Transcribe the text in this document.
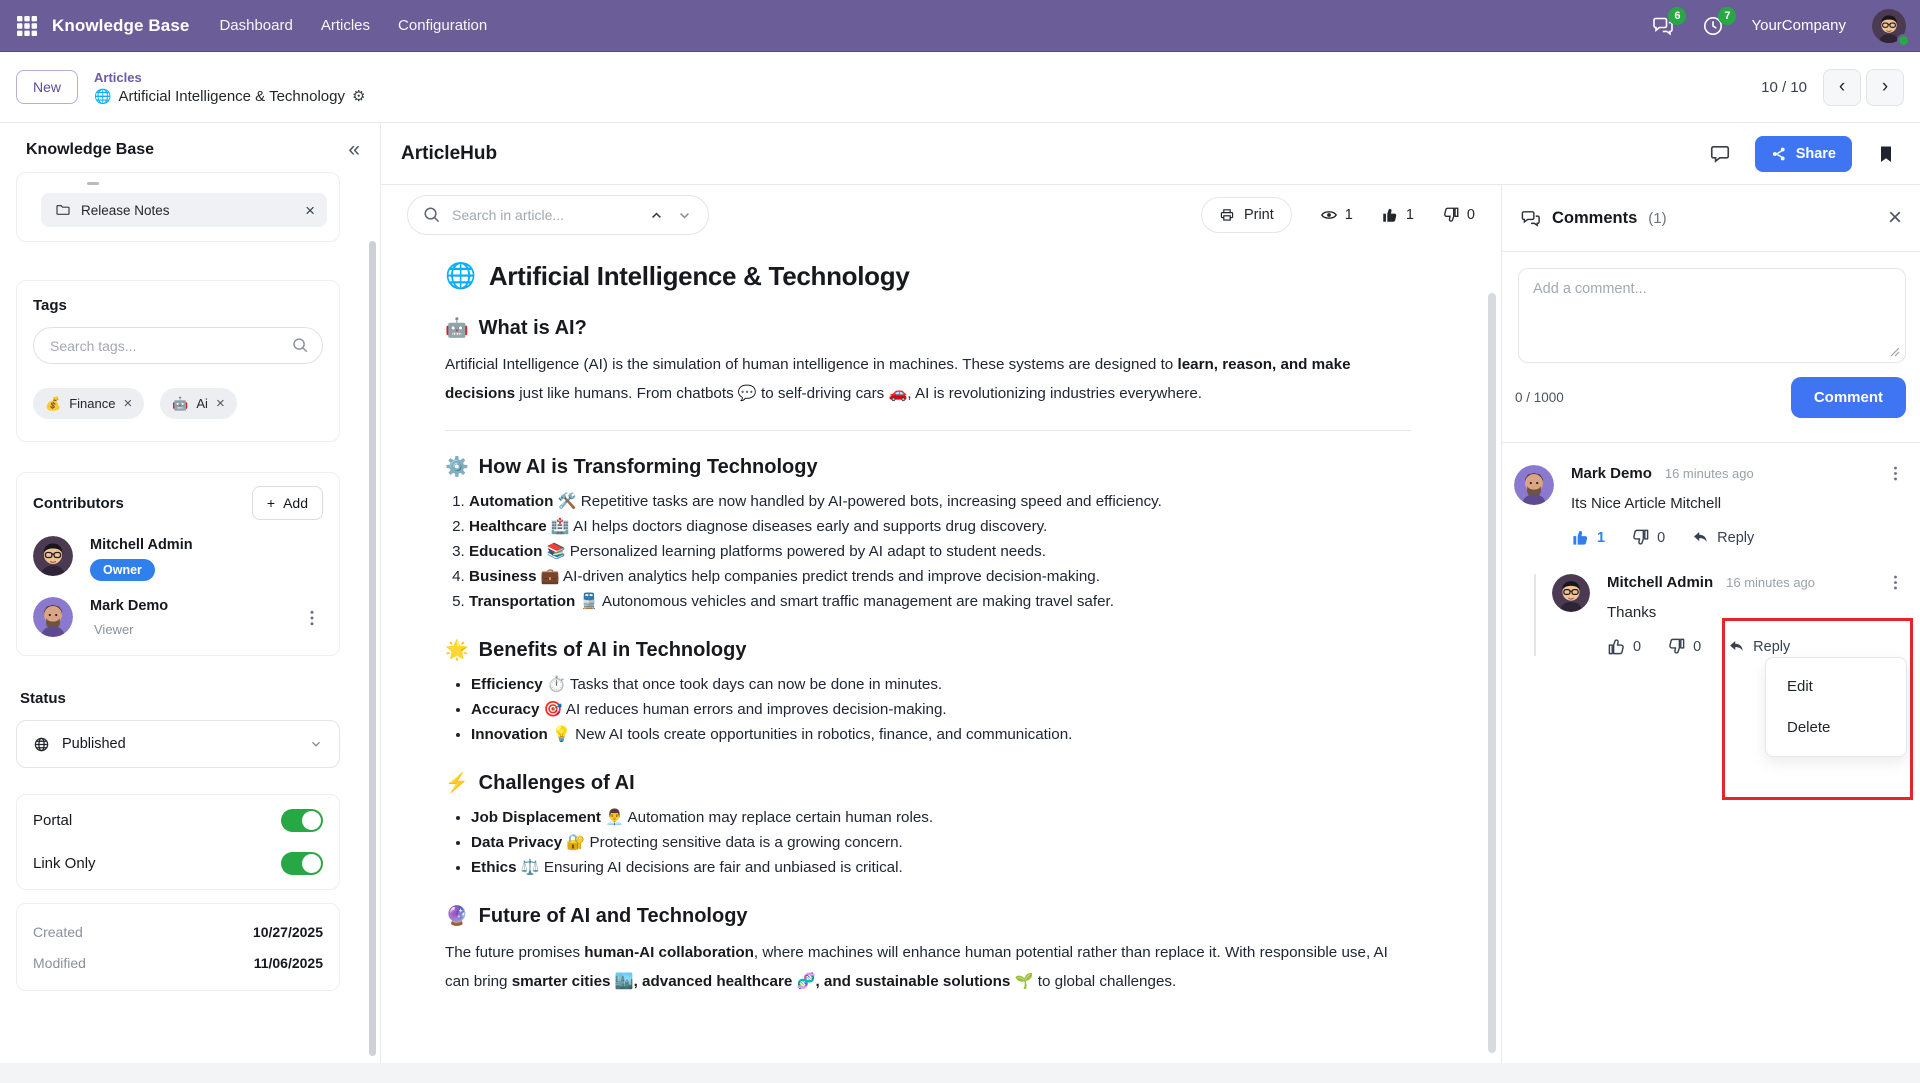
Knowledge Base Dashboard Articles Configuration
6	7
YourCompany
New
Articles
🌐 Artificial Intelligence & Technology ⚙
10 / 10	‹	›
Knowledge Base	«
Release Notes	×
Tags
Search tags...
💰 Finance ×	🤖 Ai ×
Contributors	+ Add
Mitchell Admin
Owner
Mark Demo
Viewer
Status
Published
Portal
Link Only
Created	10/27/2025
Modified	11/06/2025
ArticleHub	Share
Search in article...
Print	1	1	0
🌐 Artificial Intelligence & Technology
🤖 What is AI?

Artificial Intelligence (AI) is the simulation of human intelligence in machines. These systems are designed to learn, reason, and make decisions just like humans. From chatbots 💬 to self-driving cars 🚗, AI is revolutionizing industries everywhere.

⚙️ How AI is Transforming Technology
1. Automation 🛠️ Repetitive tasks are now handled by AI-powered bots, increasing speed and efficiency.
2. Healthcare 🏥 AI helps doctors diagnose diseases early and supports drug discovery.
3. Education 📚 Personalized learning platforms powered by AI adapt to student needs.
4. Business 💼 AI-driven analytics help companies predict trends and improve decision-making.
5. Transportation 🚆 Autonomous vehicles and smart traffic management are making travel safer.
🌟 Benefits of AI in Technology
• Efficiency ⏱️ Tasks that once took days can now be done in minutes.
• Accuracy 🎯 AI reduces human errors and improves decision-making.
• Innovation 💡 New AI tools create opportunities in robotics, finance, and communication.
⚡ Challenges of AI
• Job Displacement 👨‍💼 Automation may replace certain human roles.
• Data Privacy 🔐 Protecting sensitive data is a growing concern.
• Ethics ⚖️ Ensuring AI decisions are fair and unbiased is critical.
🔮 Future of AI and Technology

The future promises human-AI collaboration, where machines will enhance human potential rather than replace it. With responsible use, AI can bring smarter cities 🏙️, advanced healthcare 🧬, and sustainable solutions 🌱 to global challenges.

Comments (1)	×
Add a comment...
0 / 1000	Comment
Mark Demo 16 minutes ago
Its Nice Article Mitchell
1	0	Reply
Mitchell Admin 16 minutes ago
Thanks
0	0	Reply
Edit
Delete
